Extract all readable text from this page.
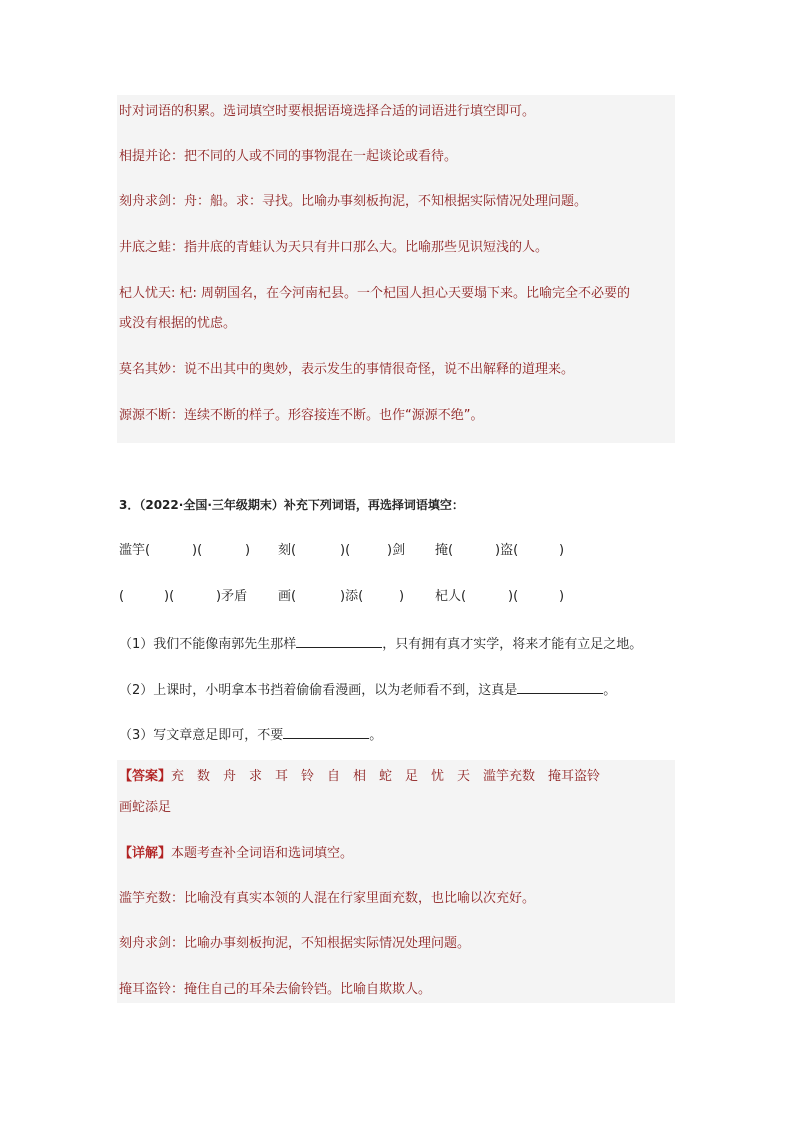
时对词语的积累。选词填空时要根据语境选择合适的词语进行填空即可。
相提并论：把不同的人或不同的事物混在一起谈论或看待。
刻舟求剑：舟：船。求：寻找。比喻办事刻板拘泥，不知根据实际情况处理问题。
井底之蛙：指井底的青蛙认为天只有井口那么大。比喻那些见识短浅的人。
杞人忧天: 杞: 周朝国名，在今河南杞县。一个杞国人担心天要塌下来。比喻完全不必要的
或没有根据的忧虑。
莫名其妙：说不出其中的奥妙，表示发生的事情很奇怪，说不出解释的道理来。
源源不断：连续不断的样子。形容接连不断。也作“源源不绝”。
3．（2022·全国·三年级期末）补充下列词语，再选择词语填空：
滥竽(	)(	) 刻(	)(	)剑 掩(	)盗(	)
(	)(	)矛盾 画(	)添(	) 杞人(	)(	)
（1）我们不能像南郭先生那样	，只有拥有真才实学，将来才能有立足之地。
（2）上课时，小明拿本书挡着偷偷看漫画，以为老师看不到，这真是	。
（3）写文章意足即可，不要	。
【答案】充　数　舟　求　耳　铃　自　相　蛇　足　忧　天　滥竽充数　掩耳盗铃
画蛇添足
【详解】本题考查补全词语和选词填空。
滥竽充数：比喻没有真实本领的人混在行家里面充数，也比喻以次充好。
刻舟求剑：比喻办事刻板拘泥，不知根据实际情况处理问题。
掩耳盗铃：掩住自己的耳朵去偷铃铛。比喻自欺欺人。
